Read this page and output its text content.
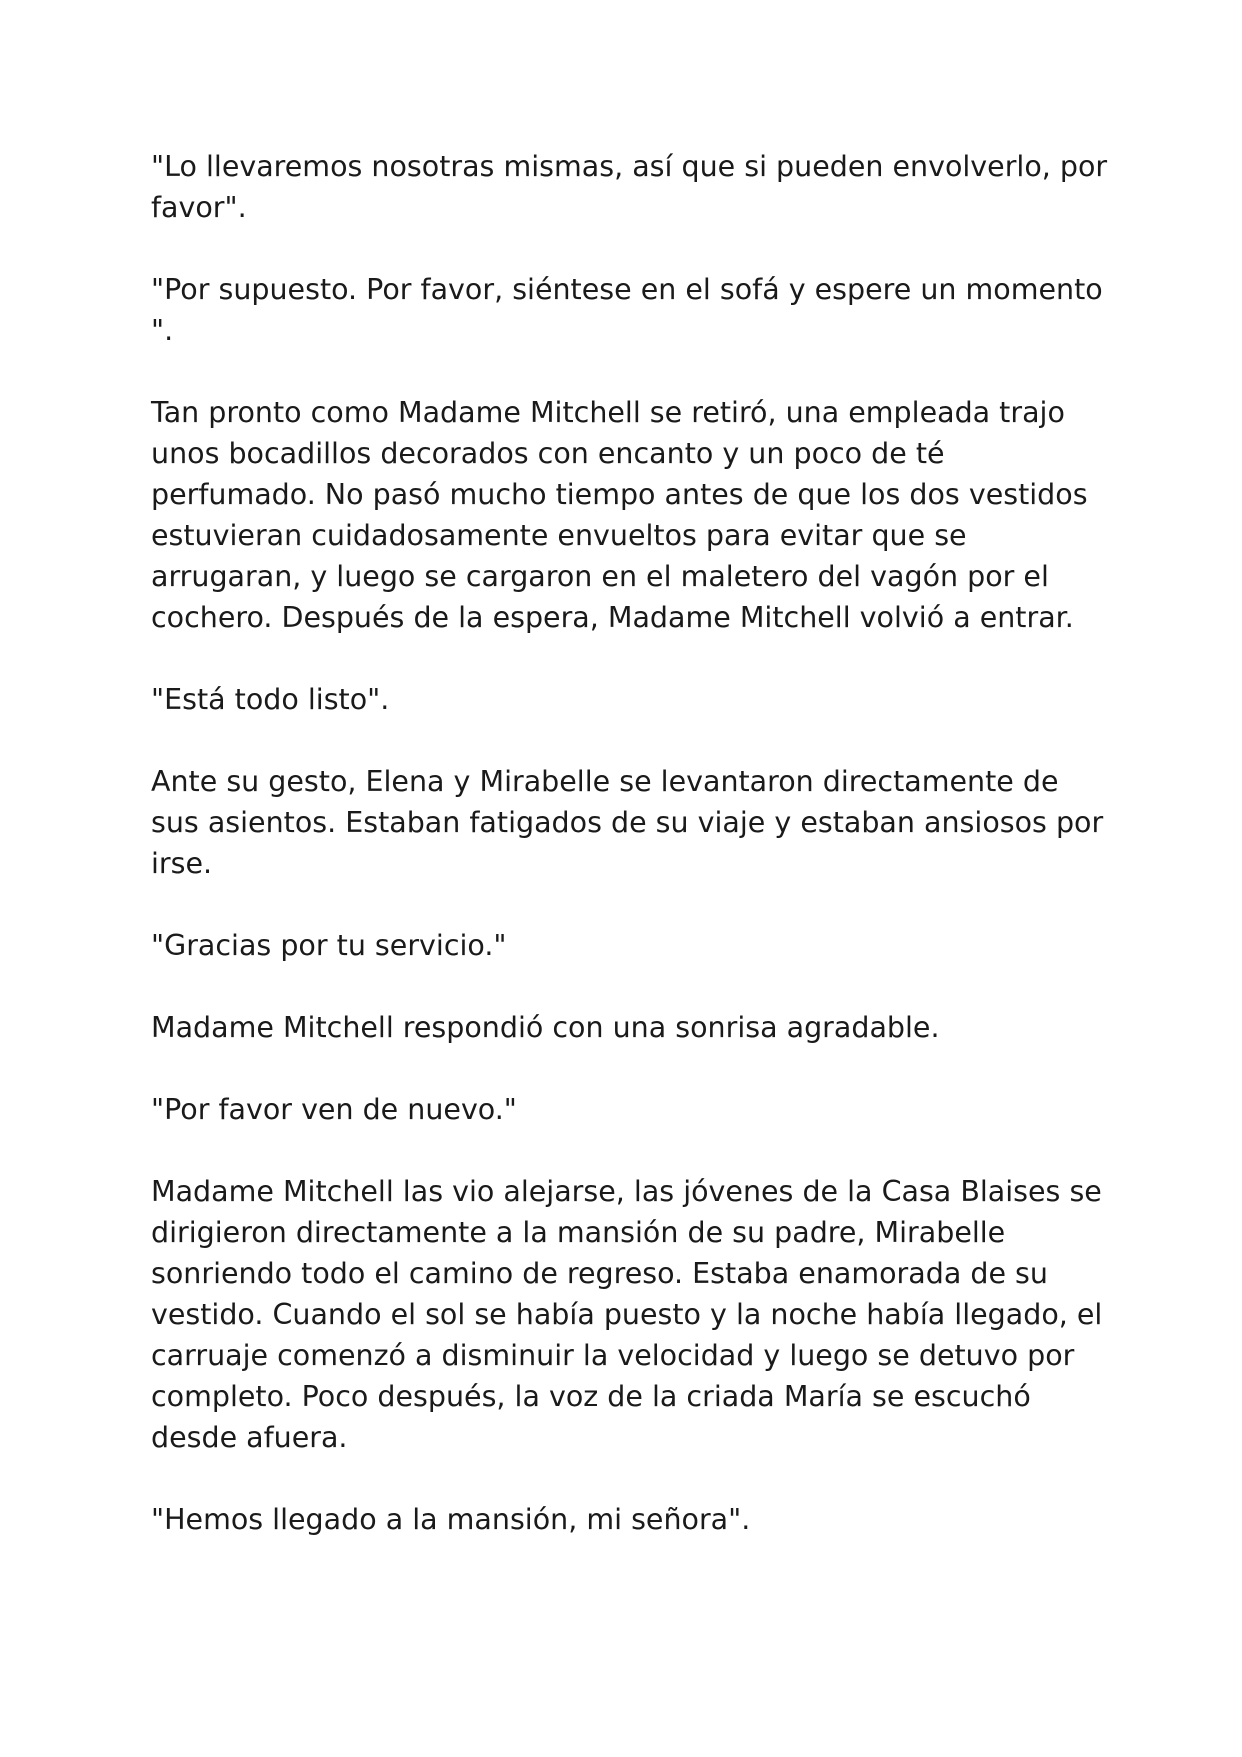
"Lo llevaremos nosotras mismas, así que si pueden envolverlo, por favor".

"Por supuesto. Por favor, siéntese en el sofá y espere un momento ".

Tan pronto como Madame Mitchell se retiró, una empleada trajo unos bocadillos decorados con encanto y un poco de té perfumado. No pasó mucho tiempo antes de que los dos vestidos estuvieran cuidadosamente envueltos para evitar que se arrugaran, y luego se cargaron en el maletero del vagón por el cochero. Después de la espera, Madame Mitchell volvió a entrar.

"Está todo listo".

Ante su gesto, Elena y Mirabelle se levantaron directamente de sus asientos. Estaban fatigados de su viaje y estaban ansiosos por irse.

"Gracias por tu servicio."

Madame Mitchell respondió con una sonrisa agradable.

"Por favor ven de nuevo."

Madame Mitchell las vio alejarse, las jóvenes de la Casa Blaises se dirigieron directamente a la mansión de su padre, Mirabelle sonriendo todo el camino de regreso. Estaba enamorada de su vestido. Cuando el sol se había puesto y la noche había llegado, el carruaje comenzó a disminuir la velocidad y luego se detuvo por completo. Poco después, la voz de la criada María se escuchó desde afuera.

"Hemos llegado a la mansión, mi señora".
